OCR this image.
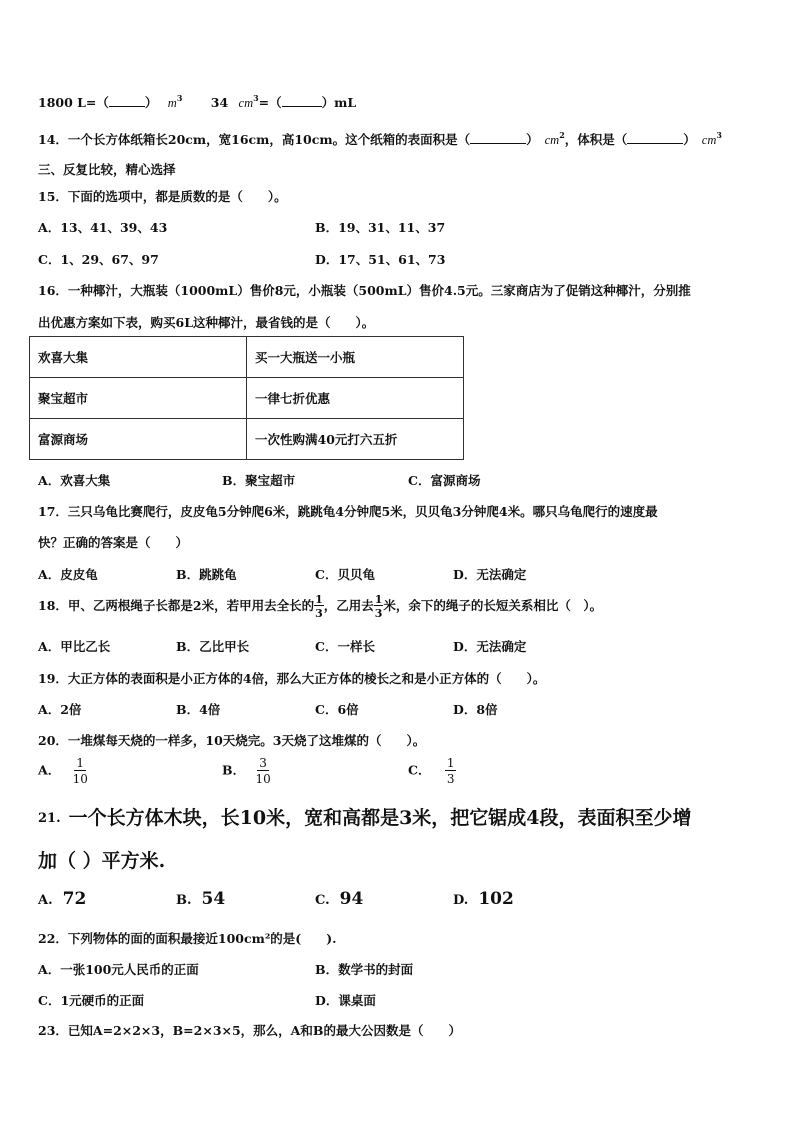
1800 L=（	） $m^3$ 34 $cm^3=$（	）mL
14．一个长方体纸箱长20cm，宽16cm，高10cm。这个纸箱的表面积是（	） $cm^2$，体积是（	） $cm^3$
三、反复比较，精心选择
15．下面的选项中，都是质数的是（　　）。
A．13、41、39、43	B．19、31、11、37
C．1、29、67、97	D．17、51、61、73
16．一种椰汁，大瓶装（1000mL）售价8元，小瓶装（500mL）售价4.5元。三家商店为了促销这种椰汁，分别推
出优惠方案如下表，购买6L这种椰汁，最省钱的是（　　）。
欢喜大集	买一大瓶送一小瓶
聚宝超市	一律七折优惠
富源商场	一次性购满40元打六五折
A．欢喜大集	B．聚宝超市	C．富源商场
17．三只乌龟比赛爬行，皮皮龟5分钟爬6米，跳跳龟4分钟爬5米，贝贝龟3分钟爬4米。哪只乌龟爬行的速度最
快？正确的答案是（　　）
A．皮皮龟	B．跳跳龟	C．贝贝龟	D．无法确定
18．甲、乙两根绳子长都是2米，若甲用去全长的 $\frac{1}{3}$ ，乙用去 $\frac{1}{3}$ 米，余下的绳子的长短关系相比（　）。
A．甲比乙长	B．乙比甲长	C．一样长	D．无法确定
19．大正方体的表面积是小正方体的4倍，那么大正方体的棱长之和是小正方体的（　　）。
A．2倍	B．4倍	C．6倍	D．8倍
20．一堆煤每天烧的一样多，10天烧完。3天烧了这堆煤的（　　）。
A． $\frac{1}{10}$	B． $\frac{3}{10}$	C． $\frac{1}{3}$
21. 一个长方体木块，长10米，宽和高都是3米，把它锯成4段，表面积至少增
加（ ）平方米.
A. 72	B. 54	C. 94	D. 102
22．下列物体的面的面积最接近100cm²的是(　　).
A．一张100元人民币的正面	B．数学书的封面
C．1元硬币的正面	D．课桌面
23．已知A=2×2×3，B=2×3×5，那么，A和B的最大公因数是（　　）
